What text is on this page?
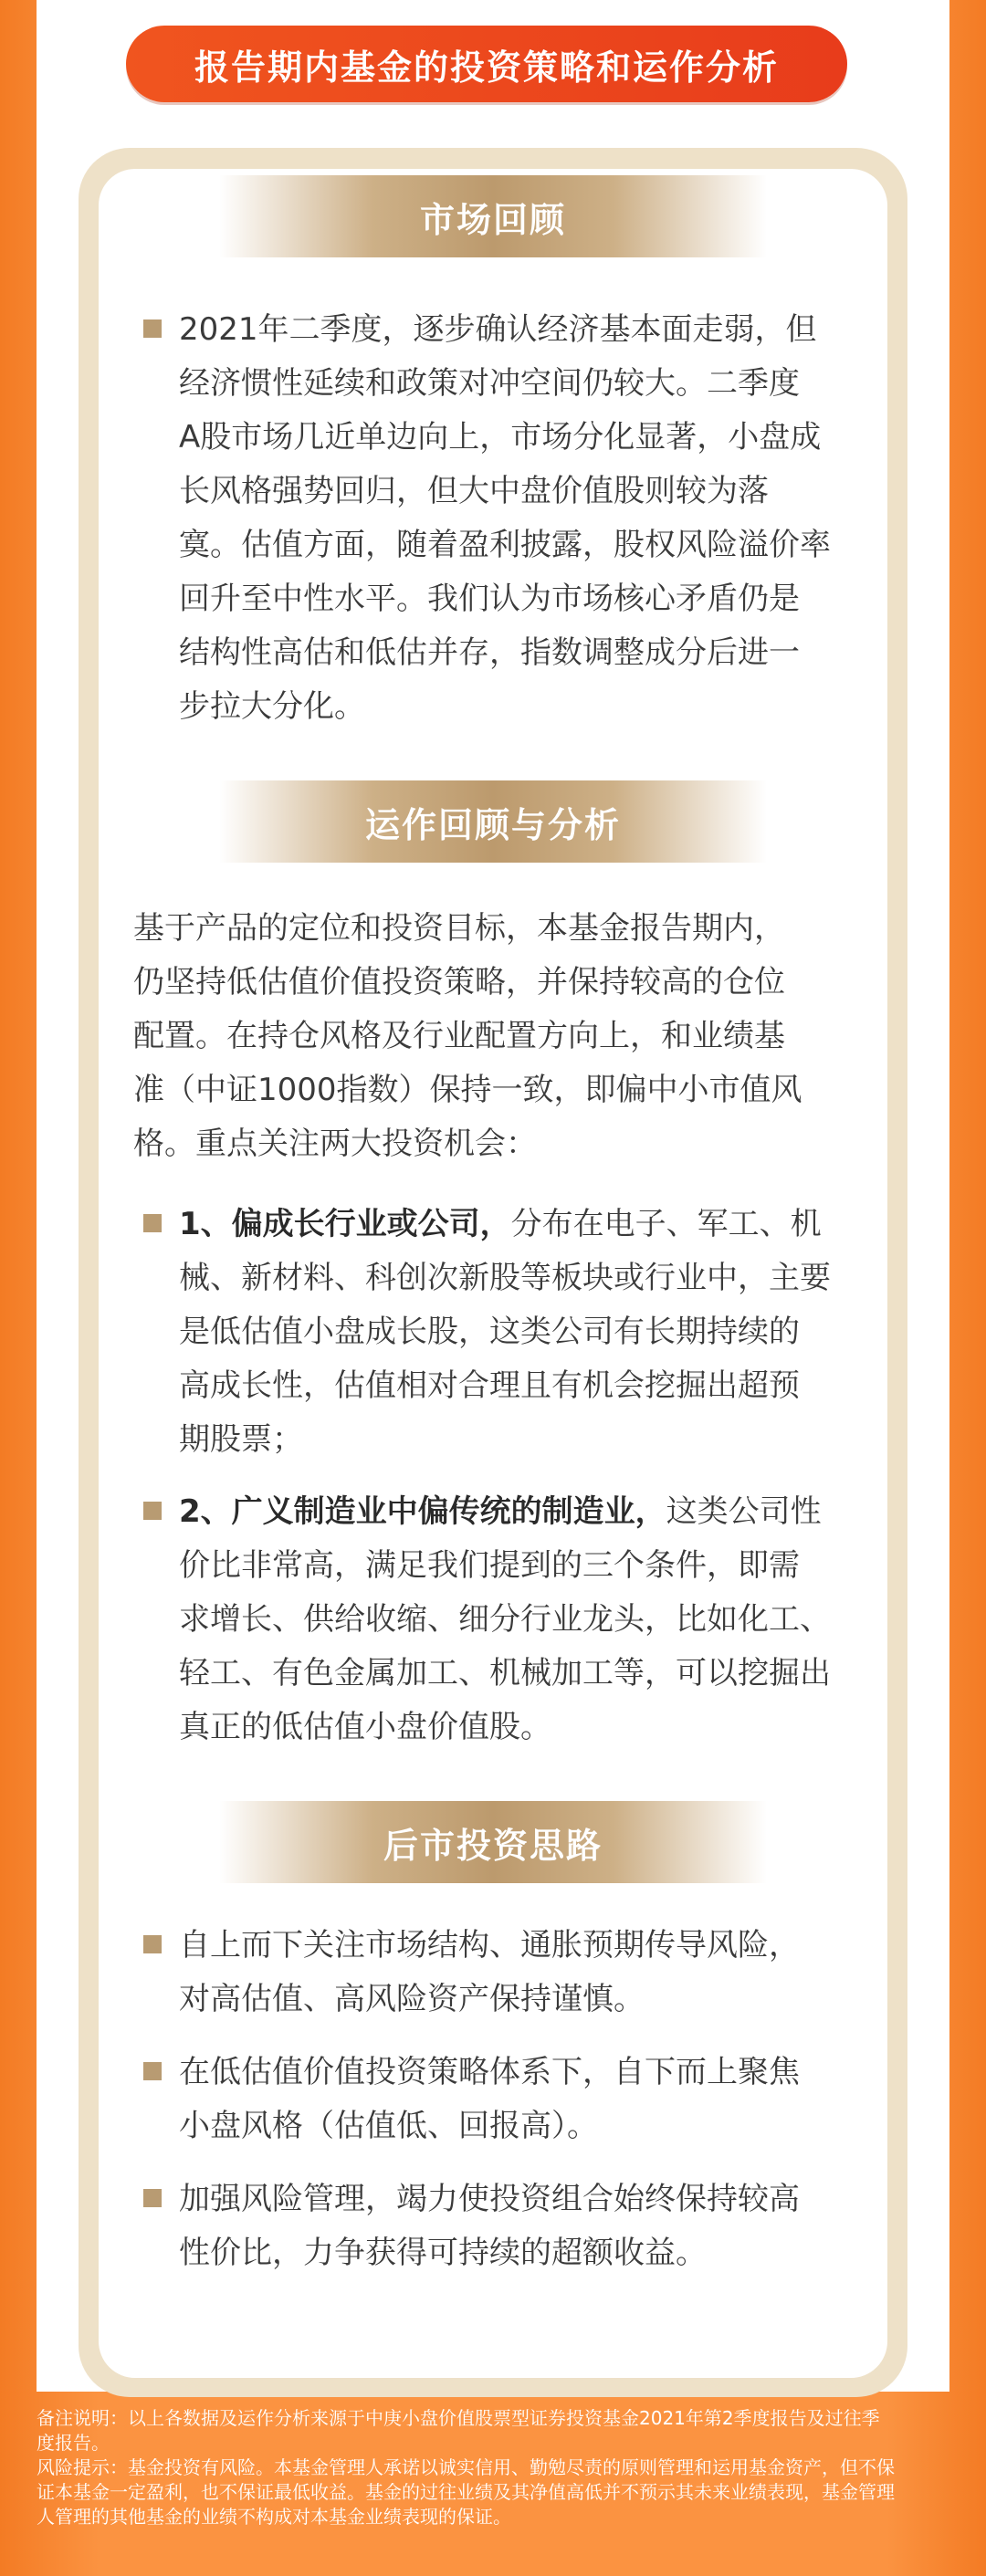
报告期内基金的投资策略和运作分析
市场回顾
2021年二季度，逐步确认经济基本面走弱，但
经济惯性延续和政策对冲空间仍较大。二季度
A股市场几近单边向上，市场分化显著，小盘成
长风格强势回归，但大中盘价值股则较为落
寞。估值方面，随着盈利披露，股权风险溢价率
回升至中性水平。我们认为市场核心矛盾仍是
结构性高估和低估并存，指数调整成分后进一
步拉大分化。
运作回顾与分析
基于产品的定位和投资目标，本基金报告期内，
仍坚持低估值价值投资策略，并保持较高的仓位
配置。在持仓风格及行业配置方向上，和业绩基
准（中证1000指数）保持一致，即偏中小市值风
格。重点关注两大投资机会：
1、偏成长行业或公司，分布在电子、军工、机
械、新材料、科创次新股等板块或行业中，主要
是低估值小盘成长股，这类公司有长期持续的
高成长性，估值相对合理且有机会挖掘出超预
期股票；
2、广义制造业中偏传统的制造业，这类公司性
价比非常高，满足我们提到的三个条件，即需
求增长、供给收缩、细分行业龙头，比如化工、
轻工、有色金属加工、机械加工等，可以挖掘出
真正的低估值小盘价值股。
后市投资思路
自上而下关注市场结构、通胀预期传导风险，
对高估值、高风险资产保持谨慎。
在低估值价值投资策略体系下，自下而上聚焦
小盘风格（估值低、回报高）。
加强风险管理，竭力使投资组合始终保持较高
性价比，力争获得可持续的超额收益。

备注说明：以上各数据及运作分析来源于中庚小盘价值股票型证券投资基金2021年第2季度报告及过往季

度报告。

风险提示：基金投资有风险。本基金管理人承诺以诚实信用、勤勉尽责的原则管理和运用基金资产，但不保

证本基金一定盈利，也不保证最低收益。基金的过往业绩及其净值高低并不预示其未来业绩表现，基金管理

人管理的其他基金的业绩不构成对本基金业绩表现的保证。
